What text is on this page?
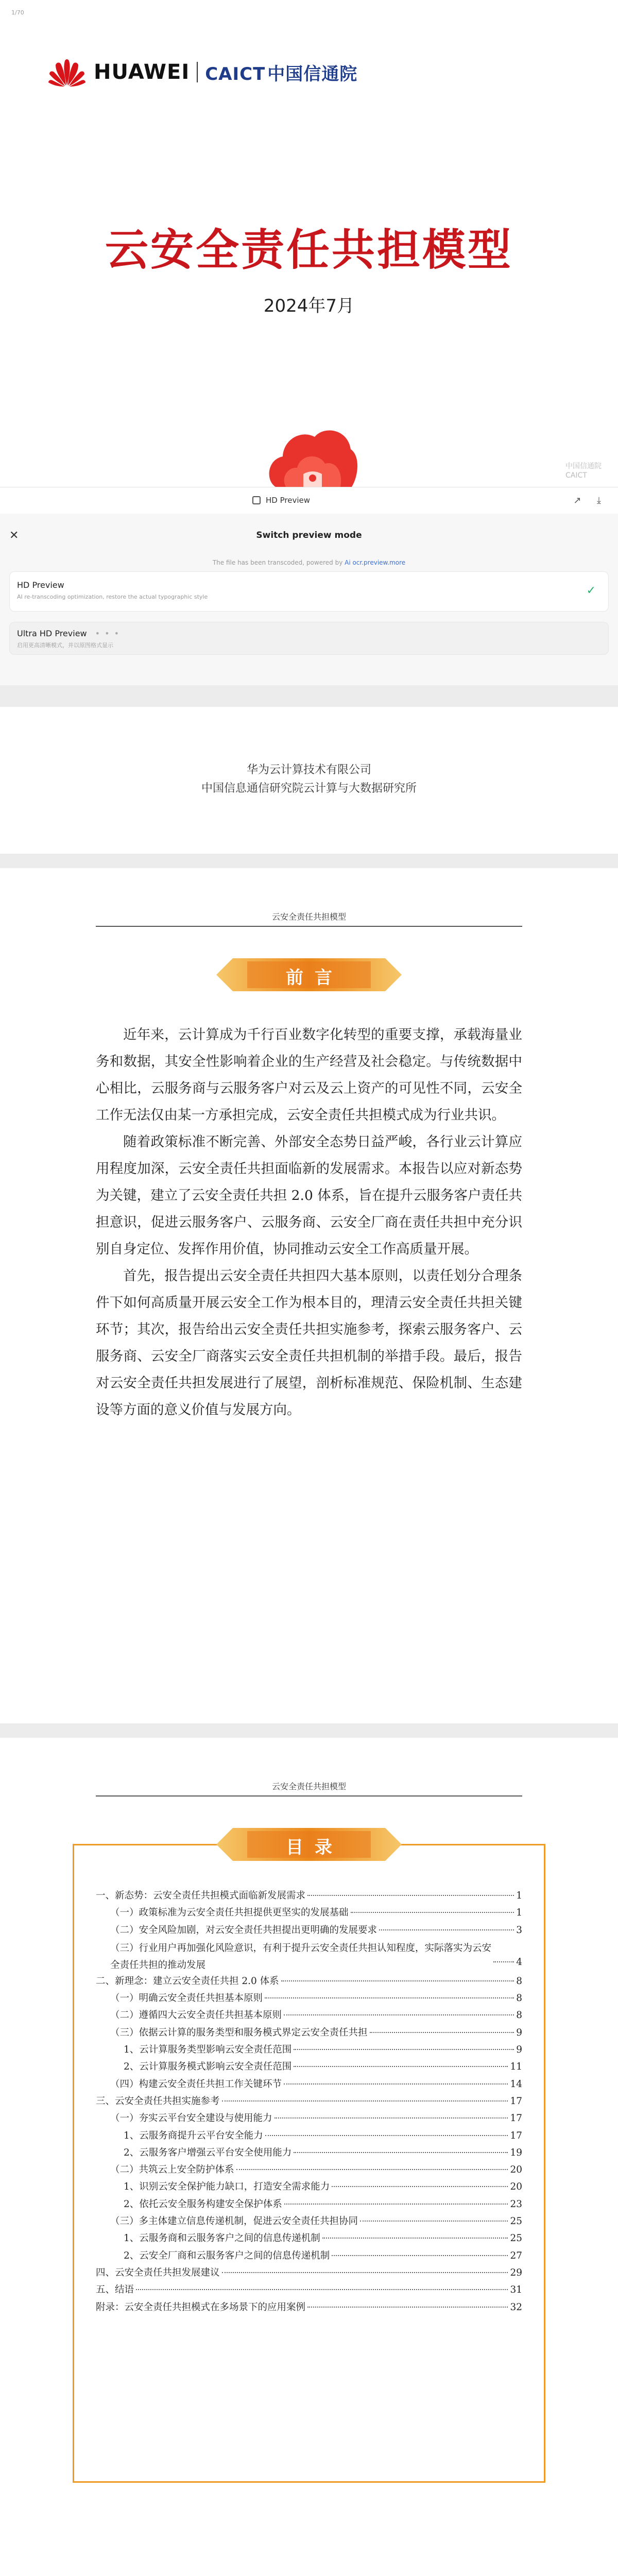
1/70
HUAWEI CAICT 中国信通院
云安全责任共担模型
2024年7月
中国信通院
CAICT
HD Preview	↗	⤓
✕	Switch preview mode
The file has been transcoded, powered by Ai ocr.preview.more
HD Preview
AI re-transcoding optimization, restore the actual typographic style	✓
Ultra HD Preview • • •
启用更高清晰模式，并以原图格式显示
华为云计算技术有限公司
中国信息通信研究院云计算与大数据研究所
云安全责任共担模型
前言

近年来，云计算成为千行百业数字化转型的重要支撑，承载海量业务和数据，其安全性影响着企业的生产经营及社会稳定。与传统数据中心相比，云服务商与云服务客户对云及云上资产的可见性不同，云安全工作无法仅由某一方承担完成，云安全责任共担模式成为行业共识。

随着政策标准不断完善、外部安全态势日益严峻，各行业云计算应用程度加深，云安全责任共担面临新的发展需求。本报告以应对新态势为关键，建立了云安全责任共担 2.0 体系，旨在提升云服务客户责任共担意识，促进云服务客户、云服务商、云安全厂商在责任共担中充分识别自身定位、发挥作用价值，协同推动云安全工作高质量开展。

首先，报告提出云安全责任共担四大基本原则，以责任划分合理条件下如何高质量开展云安全工作为根本目的，理清云安全责任共担关键环节；其次，报告给出云安全责任共担实施参考，探索云服务客户、云服务商、云安全厂商落实云安全责任共担机制的举措手段。最后，报告对云安全责任共担发展进行了展望，剖析标准规范、保险机制、生态建设等方面的意义价值与发展方向。

云安全责任共担模型
目录
一、新态势：云安全责任共担模式面临新发展需求	1
（一）政策标准为云安全责任共担提供更坚实的发展基础	1
（二）安全风险加剧，对云安全责任共担提出更明确的发展要求	3
（三）行业用户再加强化风险意识，有利于提升云安全责任共担认知程度，实际落实为云安全责任共担的推动发展	4
二、新理念：建立云安全责任共担 2.0 体系	8
（一）明确云安全责任共担基本原则	8
（二）遵循四大云安全责任共担基本原则	8
（三）依据云计算的服务类型和服务模式界定云安全责任共担	9
1、云计算服务类型影响云安全责任范围	9
2、云计算服务模式影响云安全责任范围	11
（四）构建云安全责任共担工作关键环节	14
三、云安全责任共担实施参考	17
（一）夯实云平台安全建设与使用能力	17
1、云服务商提升云平台安全能力	17
2、云服务客户增强云平台安全使用能力	19
（二）共筑云上安全防护体系	20
1、识别云安全保护能力缺口，打造安全需求能力	20
2、依托云安全服务构建安全保护体系	23
（三）多主体建立信息传递机制，促进云安全责任共担协同	25
1、云服务商和云服务客户之间的信息传递机制	25
2、云安全厂商和云服务客户之间的信息传递机制	27
四、云安全责任共担发展建议	29
五、结语	31
附录：云安全责任共担模式在多场景下的应用案例	32
